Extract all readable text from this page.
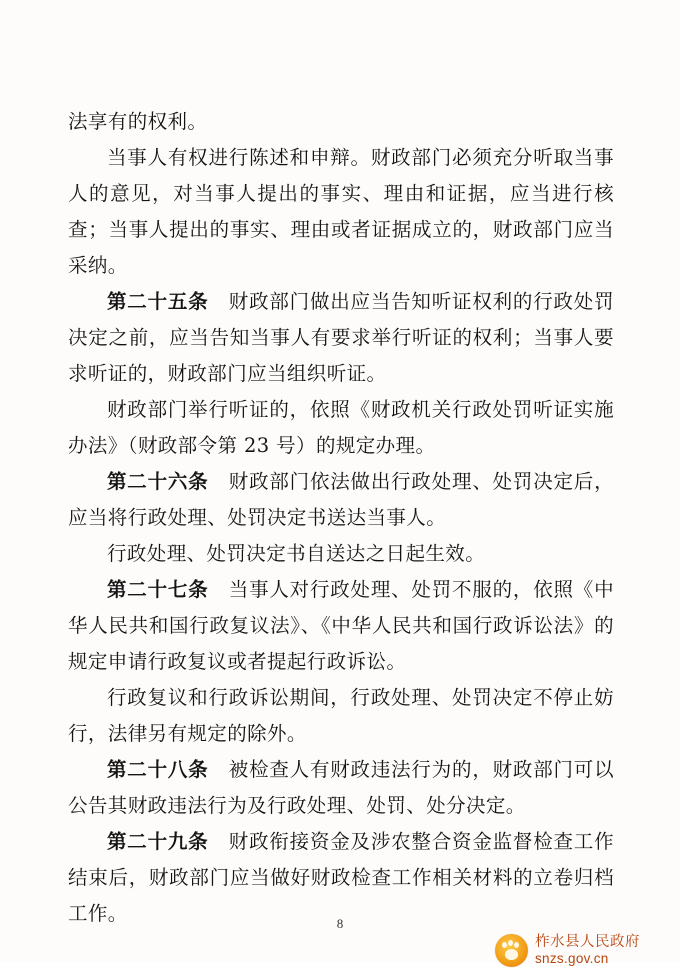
法享有的权利。

当事人有权进行陈述和申辩。财政部门必须充分听取当事人的意见，对当事人提出的事实、理由和证据，应当进行核查；当事人提出的事实、理由或者证据成立的，财政部门应当采纳。

第二十五条　财政部门做出应当告知听证权利的行政处罚决定之前，应当告知当事人有要求举行听证的权利；当事人要求听证的，财政部门应当组织听证。

财政部门举行听证的，依照《财政机关行政处罚听证实施办法》（财政部令第 23 号）的规定办理。

第二十六条　财政部门依法做出行政处理、处罚决定后，应当将行政处理、处罚决定书送达当事人。

行政处理、处罚决定书自送达之日起生效。

第二十七条　当事人对行政处理、处罚不服的，依照《中华人民共和国行政复议法》、《中华人民共和国行政诉讼法》的规定申请行政复议或者提起行政诉讼。

行政复议和行政诉讼期间，行政处理、处罚决定不停止妨行，法律另有规定的除外。

第二十八条　被检查人有财政违法行为的，财政部门可以公告其财政违法行为及行政处理、处罚、处分决定。

第二十九条　财政衔接资金及涉农整合资金监督检查工作结束后，财政部门应当做好财政检查工作相关材料的立卷归档工作。	8
柞水县人民政府
snzs.gov.cn
